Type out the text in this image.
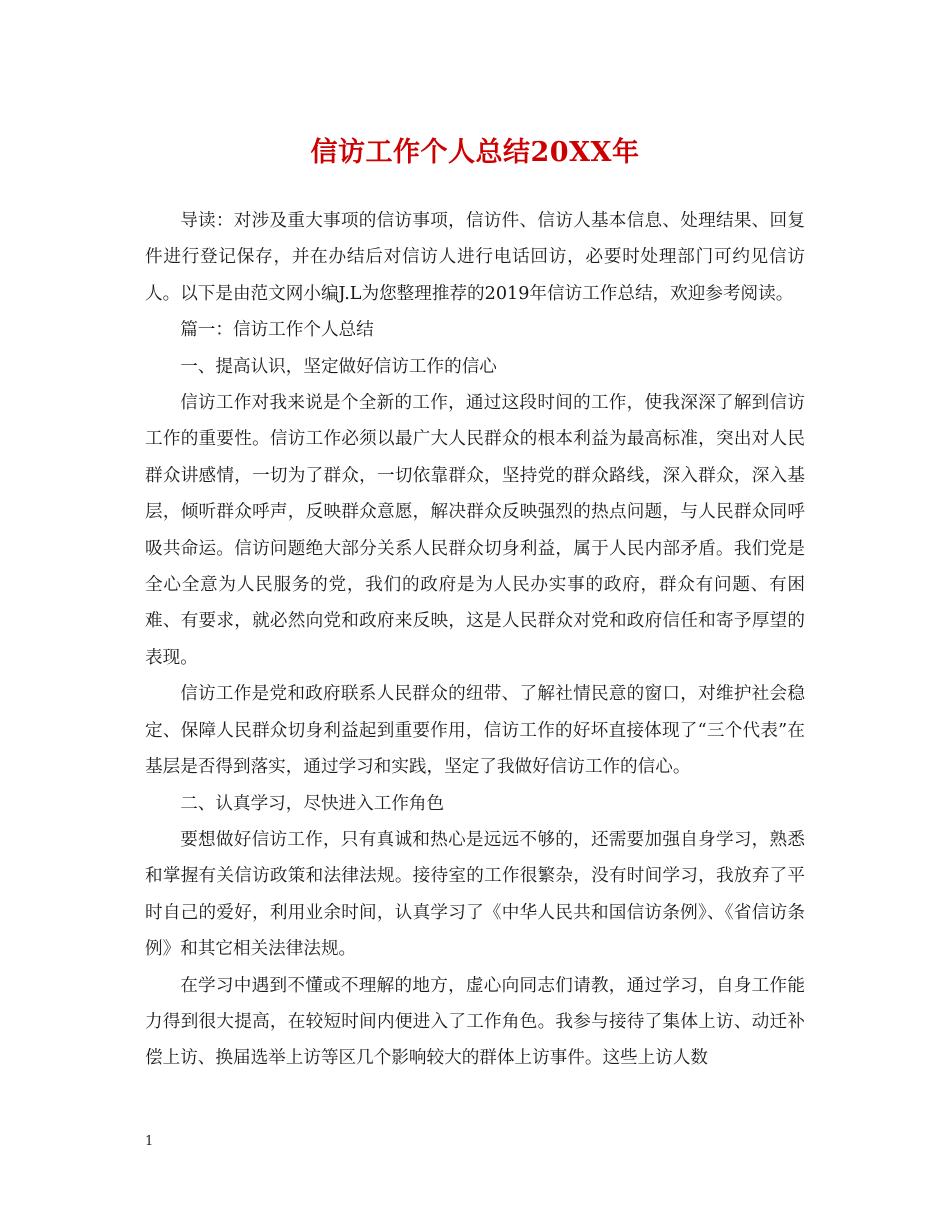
信访工作个人总结20XX年

导读：对涉及重大事项的信访事项，信访件、信访人基本信息、处理结果、回复件进行登记保存，并在办结后对信访人进行电话回访，必要时处理部门可约见信访人。以下是由范文网小编J.L为您整理推荐的2019年信访工作总结，欢迎参考阅读。

篇一：信访工作个人总结

一、提高认识，坚定做好信访工作的信心

信访工作对我来说是个全新的工作，通过这段时间的工作，使我深深了解到信访工作的重要性。信访工作必须以最广大人民群众的根本利益为最高标准，突出对人民群众讲感情，一切为了群众，一切依靠群众，坚持党的群众路线，深入群众，深入基层，倾听群众呼声，反映群众意愿，解决群众反映强烈的热点问题，与人民群众同呼吸共命运。信访问题绝大部分关系人民群众切身利益，属于人民内部矛盾。我们党是全心全意为人民服务的党，我们的政府是为人民办实事的政府，群众有问题、有困难、有要求，就必然向党和政府来反映，这是人民群众对党和政府信任和寄予厚望的表现。

信访工作是党和政府联系人民群众的纽带、了解社情民意的窗口，对维护社会稳定、保障人民群众切身利益起到重要作用，信访工作的好坏直接体现了“三个代表”在基层是否得到落实，通过学习和实践，坚定了我做好信访工作的信心。

二、认真学习，尽快进入工作角色

要想做好信访工作，只有真诚和热心是远远不够的，还需要加强自身学习，熟悉和掌握有关信访政策和法律法规。接待室的工作很繁杂，没有时间学习，我放弃了平时自己的爱好，利用业余时间，认真学习了《中华人民共和国信访条例》、《省信访条例》和其它相关法律法规。

在学习中遇到不懂或不理解的地方，虚心向同志们请教，通过学习，自身工作能力得到很大提高，在较短时间内便进入了工作角色。我参与接待了集体上访、动迁补偿上访、换届选举上访等区几个影响较大的群体上访事件。这些上访人数

1
